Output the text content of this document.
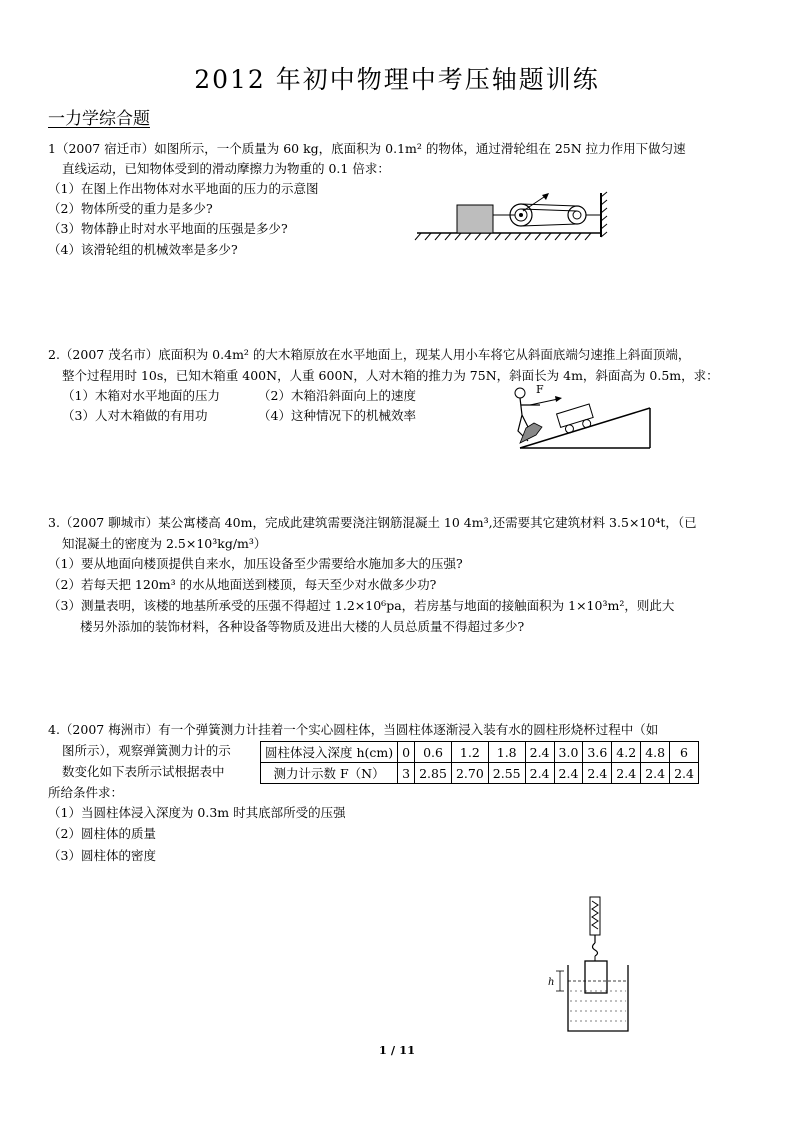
2012 年初中物理中考压轴题训练
一力学综合题
1（2007 宿迁市）如图所示，一个质量为 60 kg，底面积为 0.1m² 的物体，通过滑轮组在 25N 拉力作用下做匀速
直线运动，已知物体受到的滑动摩擦力为物重的 0.1 倍求：
（1）在图上作出物体对水平地面的压力的示意图
（2）物体所受的重力是多少?
（3）物体静止时对水平地面的压强是多少?
（4）该滑轮组的机械效率是多少?
2.（2007 茂名市）底面积为 0.4m² 的大木箱原放在水平地面上，现某人用小车将它从斜面底端匀速推上斜面顶端，
整个过程用时 10s，已知木箱重 400N，人重 600N，人对木箱的推力为 75N，斜面长为 4m，斜面高为 0.5m，求：
（1）木箱对水平地面的压力	（2）木箱沿斜面向上的速度
（3）人对木箱做的有用功	（4）这种情况下的机械效率
F
3.（2007 聊城市）某公寓楼高 40m，完成此建筑需要浇注钢筋混凝土 10 4m³,还需要其它建筑材料 3.5×10⁴t，（已
知混凝土的密度为 2.5×10³kg/m³）
（1）要从地面向楼顶提供自来水，加压设备至少需要给水施加多大的压强?
（2）若每天把 120m³ 的水从地面送到楼顶，每天至少对水做多少功?
（3）测量表明，该楼的地基所承受的压强不得超过 1.2×10⁶pa，若房基与地面的接触面积为 1×10³m²，则此大
楼另外添加的装饰材料，各种设备等物质及进出大楼的人员总质量不得超过多少?
4.（2007 梅洲市）有一个弹簧测力计挂着一个实心圆柱体，当圆柱体逐渐浸入装有水的圆柱形烧杯过程中（如
图所示），观察弹簧测力计的示
数变化如下表所示试根据表中
所给条件求：
圆柱体浸入深度 h(cm)	0	0.6	1.2	1.8	2.4	3.0	3.6	4.2	4.8	6
测力计示数 F（N）	3	2.85	2.70	2.55	2.4	2.4	2.4	2.4	2.4	2.4
（1）当圆柱体浸入深度为 0.3m 时其底部所受的压强
（2）圆柱体的质量
（3）圆柱体的密度
h
1 / 11
